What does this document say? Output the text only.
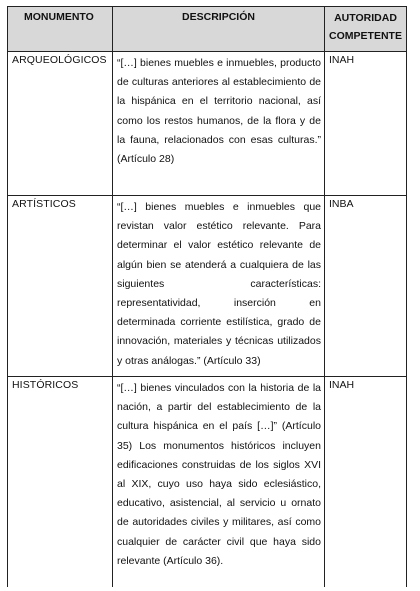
MONUMENTO	DESCRIPCIÓN	AUTORIDAD COMPETENTE
ARQUEOLÓGICOS	“[…] bienes muebles e inmuebles, producto de culturas anteriores al establecimiento de la hispánica en el territorio nacional, así como los restos humanos, de la flora y de la fauna, relacionados con esas culturas.” (Artículo 28)	INAH
ARTÍSTICOS	“[…] bienes muebles e inmuebles que revistan valor estético relevante. Para determinar el valor estético relevante de algún bien se atenderá a cualquiera de las siguientes características: representatividad, inserción en determinada corriente estilística, grado de innovación, materiales y técnicas utilizados y otras análogas.” (Artículo 33)	INBA
HISTÓRICOS	“[…] bienes vinculados con la historia de la nación, a partir del establecimiento de la cultura hispánica en el país […]” (Artículo 35) Los monumentos históricos incluyen edificaciones construidas de los siglos XVI al XIX, cuyo uso haya sido eclesiástico, educativo, asistencial, al servicio u ornato de autoridades civiles y militares, así como cualquier de carácter civil que haya sido relevante (Artículo 36).	INAH
